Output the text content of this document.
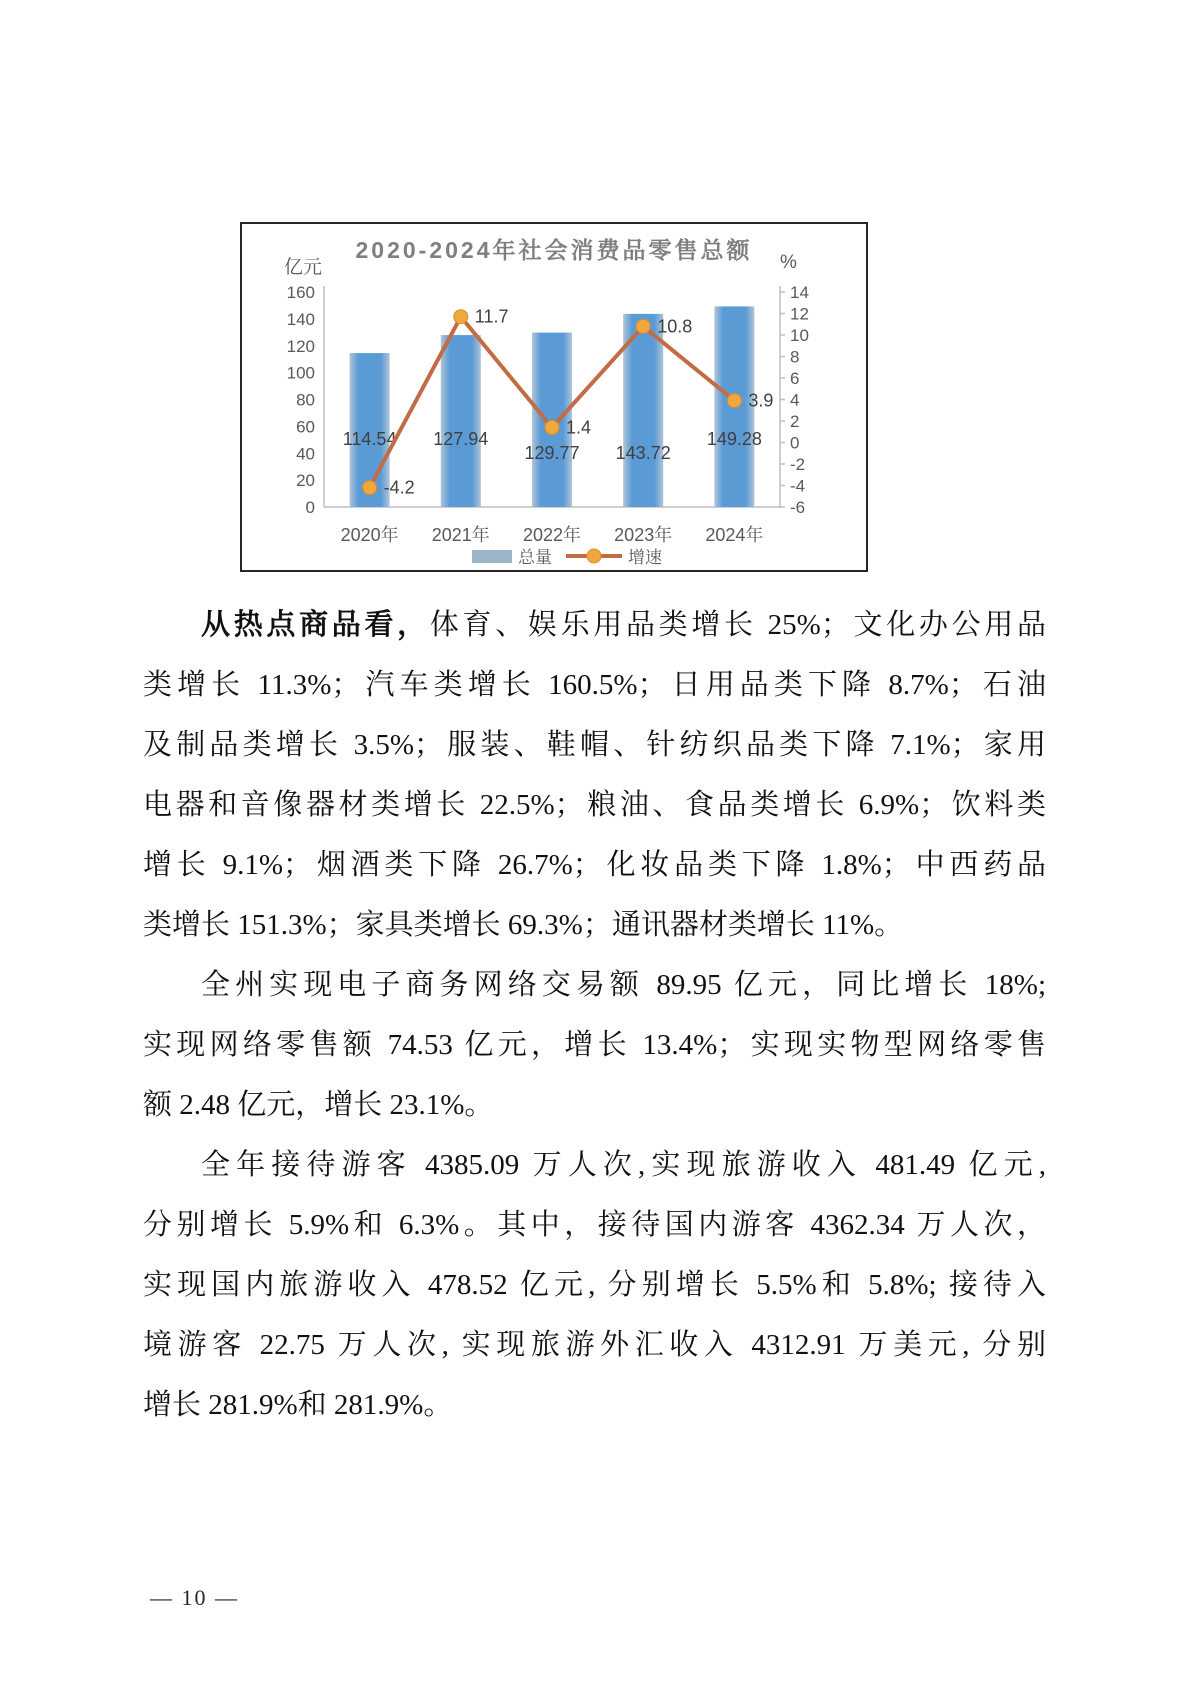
2020-2024年社会消费品零售总额
亿元	%
0
20
40
60
80
100
120
140
160
-6
-4
-2
0
2
4
6
8
10
12
14
2020年 2021年 2022年 2023年 2024年
114.54 127.94
129.77 143.72
149.28
-4.2
11.7
1.4
10.8
3.9
总量	增速
从热点商品看，体育、娱乐用品类增长 25%；文化办公用品
类增长 11.3%；汽车类增长 160.5%；日用品类下降 8.7%；石油
及制品类增长 3.5%；服装、鞋帽、针纺织品类下降 7.1%；家用
电器和音像器材类增长 22.5%；粮油、食品类增长 6.9%；饮料类
增长 9.1%；烟酒类下降 26.7%；化妆品类下降 1.8%；中西药品
类增长 151.3%；家具类增长 69.3%；通讯器材类增长 11%。
全州实现电子商务网络交易额 89.95 亿元，同比增长 18%;
实现网络零售额 74.53 亿元，增长 13.4%；实现实物型网络零售
额 2.48 亿元，增长 23.1%。
全年接待游客 4385.09 万人次,实现旅游收入 481.49 亿元,
分别增长 5.9%和 6.3%。其中，接待国内游客 4362.34 万人次，
实现国内旅游收入 478.52 亿元, 分别增长 5.5%和 5.8%; 接待入
境游客 22.75 万人次, 实现旅游外汇收入 4312.91 万美元, 分别
增长 281.9%和 281.9%。
— 10 —
